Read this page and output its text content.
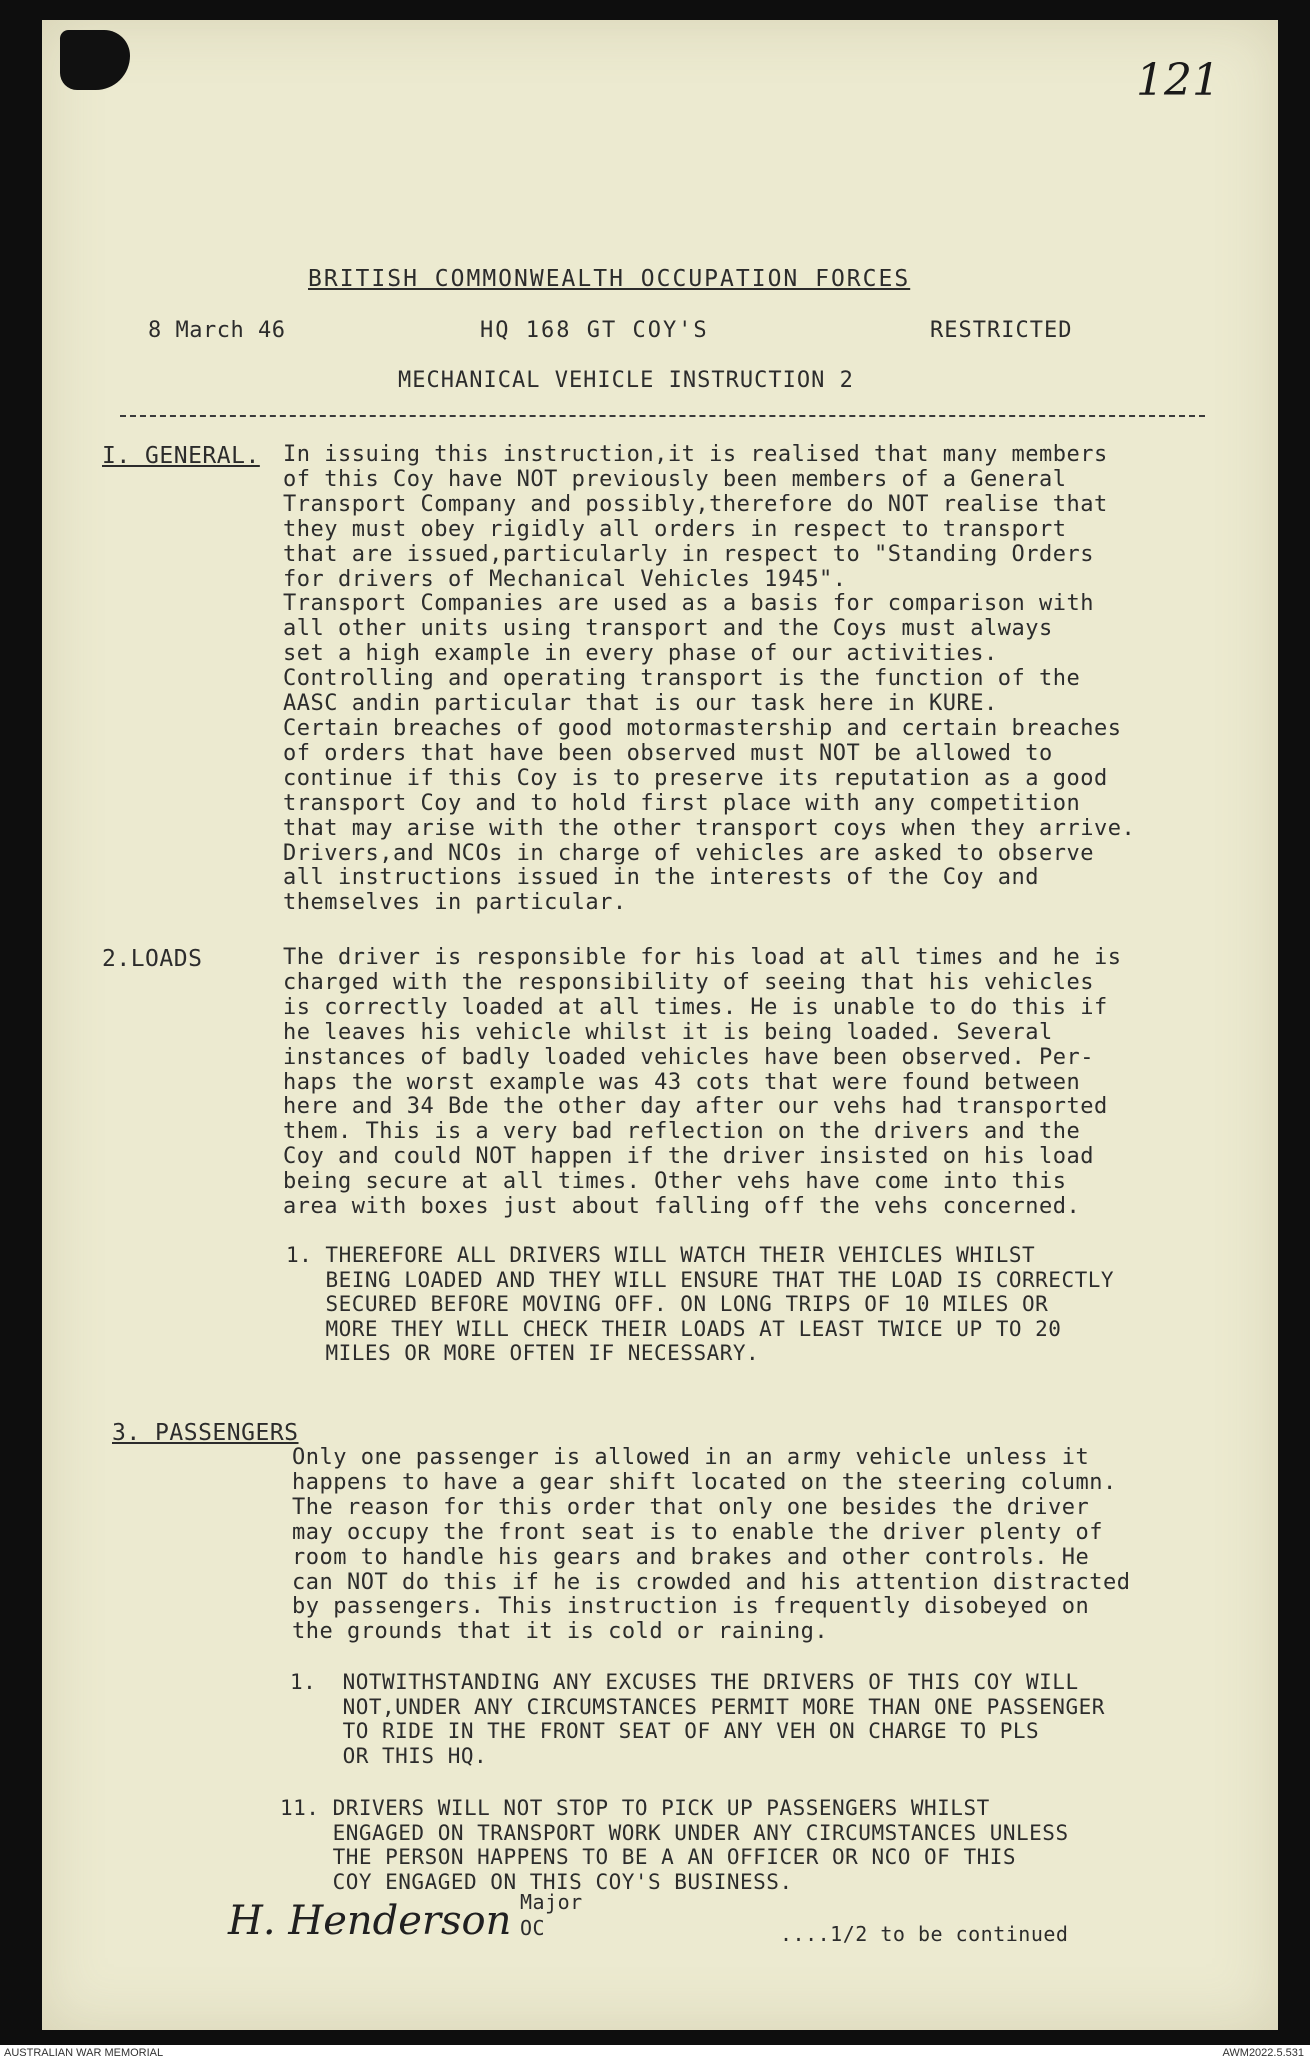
121
BRITISH COMMONWEALTH OCCUPATION FORCES
8 March 46	HQ 168 GT COY'S	RESTRICTED
MECHANICAL VEHICLE INSTRUCTION 2
I. GENERAL. In issuing this instruction,it is realised that many members
of this Coy have NOT previously been members of a General
Transport Company and possibly,therefore do NOT realise that
they must obey rigidly all orders in respect to transport
that are issued,particularly in respect to "Standing Orders
for drivers of Mechanical Vehicles 1945".
Transport Companies are used as a basis for comparison with
all other units using transport and the Coys must always
set a high example in every phase of our activities.
Controlling and operating transport is the function of the
AASC andin particular that is our task here in KURE.
Certain breaches of good motormastership and certain breaches
of orders that have been observed must NOT be allowed to
continue if this Coy is to preserve its reputation as a good
transport Coy and to hold first place with any competition
that may arise with the other transport coys when they arrive.
Drivers,and NCOs in charge of vehicles are asked to observe
all instructions issued in the interests of the Coy and
themselves in particular.
2.LOADS	The driver is responsible for his load at all times and he is
charged with the responsibility of seeing that his vehicles
is correctly loaded at all times. He is unable to do this if
he leaves his vehicle whilst it is being loaded. Several
instances of badly loaded vehicles have been observed. Per-
haps the worst example was 43 cots that were found between
here and 34 Bde the other day after our vehs had transported
them. This is a very bad reflection on the drivers and the
Coy and could NOT happen if the driver insisted on his load
being secure at all times. Other vehs have come into this
area with boxes just about falling off the vehs concerned.
1. THEREFORE ALL DRIVERS WILL WATCH THEIR VEHICLES WHILST
BEING LOADED AND THEY WILL ENSURE THAT THE LOAD IS CORRECTLY
SECURED BEFORE MOVING OFF. ON LONG TRIPS OF 10 MILES OR
MORE THEY WILL CHECK THEIR LOADS AT LEAST TWICE UP TO 20
MILES OR MORE OFTEN IF NECESSARY.
3. PASSENGERS
Only one passenger is allowed in an army vehicle unless it
happens to have a gear shift located on the steering column.
The reason for this order that only one besides the driver
may occupy the front seat is to enable the driver plenty of
room to handle his gears and brakes and other controls. He
can NOT do this if he is crowded and his attention distracted
by passengers. This instruction is frequently disobeyed on
the grounds that it is cold or raining.
1.  NOTWITHSTANDING ANY EXCUSES THE DRIVERS OF THIS COY WILL
NOT,UNDER ANY CIRCUMSTANCES PERMIT MORE THAN ONE PASSENGER
TO RIDE IN THE FRONT SEAT OF ANY VEH ON CHARGE TO PLS
OR THIS HQ.
11. DRIVERS WILL NOT STOP TO PICK UP PASSENGERS WHILST
ENGAGED ON TRANSPORT WORK UNDER ANY CIRCUMSTANCES UNLESS
THE PERSON HAPPENS TO BE A AN OFFICER OR NCO OF THIS
COY ENGAGED ON THIS COY'S BUSINESS.
H. Henderson Major
OC	....1/2 to be continued
AUSTRALIAN WAR MEMORIAL	AWM2022.5.531
